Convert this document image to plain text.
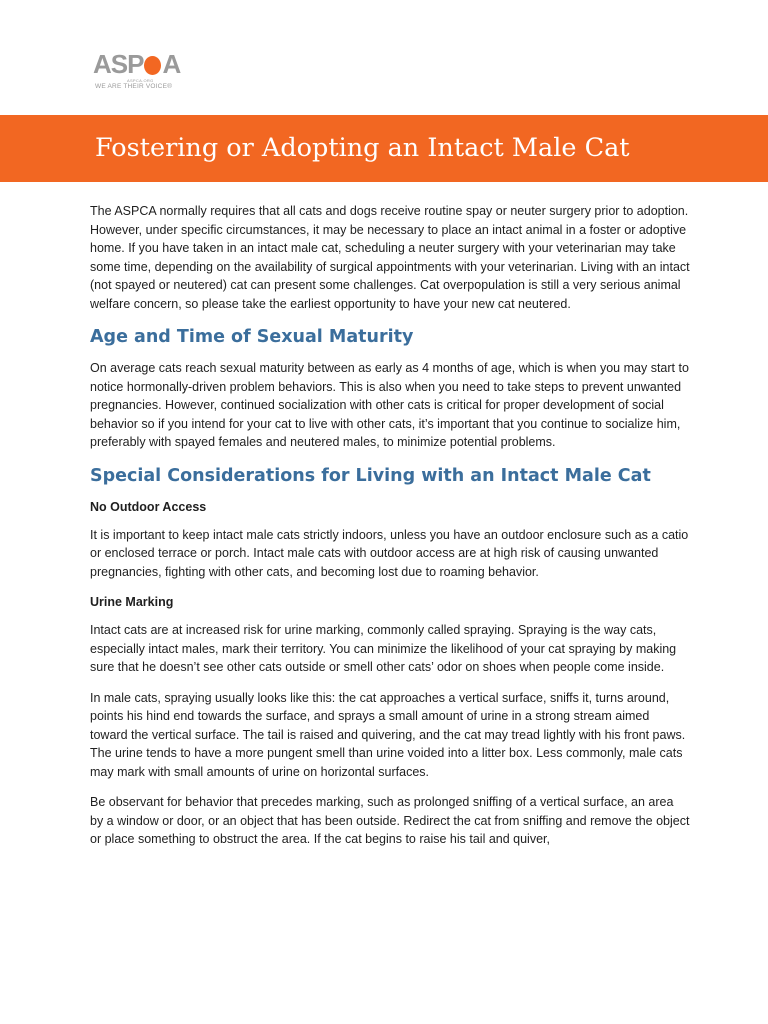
ASP A
ASPCA.ORG
WE ARE THEIR VOICE®
Fostering or Adopting an Intact Male Cat

The ASPCA normally requires that all cats and dogs receive routine spay or neuter surgery prior to adoption. However, under specific circumstances, it may be necessary to place an intact animal in a foster or adoptive home. If you have taken in an intact male cat, scheduling a neuter surgery with your veterinarian may take some time, depending on the availability of surgical appointments with your veterinarian. Living with an intact (not spayed or neutered) cat can present some challenges. Cat overpopulation is still a very serious animal welfare concern, so please take the earliest opportunity to have your new cat neutered.

Age and Time of Sexual Maturity

On average cats reach sexual maturity between as early as 4 months of age, which is when you may start to notice hormonally-driven problem behaviors. This is also when you need to take steps to prevent unwanted pregnancies. However, continued socialization with other cats is critical for proper development of social behavior so if you intend for your cat to live with other cats, it’s important that you continue to socialize him, preferably with spayed females and neutered males, to minimize potential problems.

Special Considerations for Living with an Intact Male Cat
No Outdoor Access

It is important to keep intact male cats strictly indoors, unless you have an outdoor enclosure such as a catio or enclosed terrace or porch. Intact male cats with outdoor access are at high risk of causing unwanted pregnancies, fighting with other cats, and becoming lost due to roaming behavior.

Urine Marking

Intact cats are at increased risk for urine marking, commonly called spraying. Spraying is the way cats, especially intact males, mark their territory. You can minimize the likelihood of your cat spraying by making sure that he doesn’t see other cats outside or smell other cats’ odor on shoes when people come inside.

In male cats, spraying usually looks like this: the cat approaches a vertical surface, sniffs it, turns around, points his hind end towards the surface, and sprays a small amount of urine in a strong stream aimed toward the vertical surface. The tail is raised and quivering, and the cat may tread lightly with his front paws. The urine tends to have a more pungent smell than urine voided into a litter box. Less commonly, male cats may mark with small amounts of urine on horizontal surfaces.

Be observant for behavior that precedes marking, such as prolonged sniffing of a vertical surface, an area by a window or door, or an object that has been outside. Redirect the cat from sniffing and remove the object or place something to obstruct the area. If the cat begins to raise his tail and quiver,
